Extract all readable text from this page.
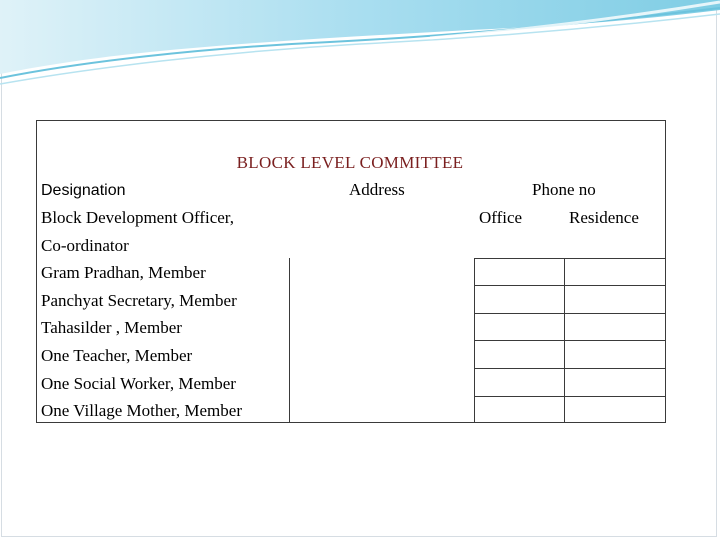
BLOCK LEVEL COMMITTEE
Designation	Address	Phone no
Office	Residence
Block Development Officer,
Co-ordinator
Gram Pradhan, Member
Panchyat Secretary, Member
Tahasilder , Member
One Teacher, Member
One Social Worker, Member
One Village Mother, Member
